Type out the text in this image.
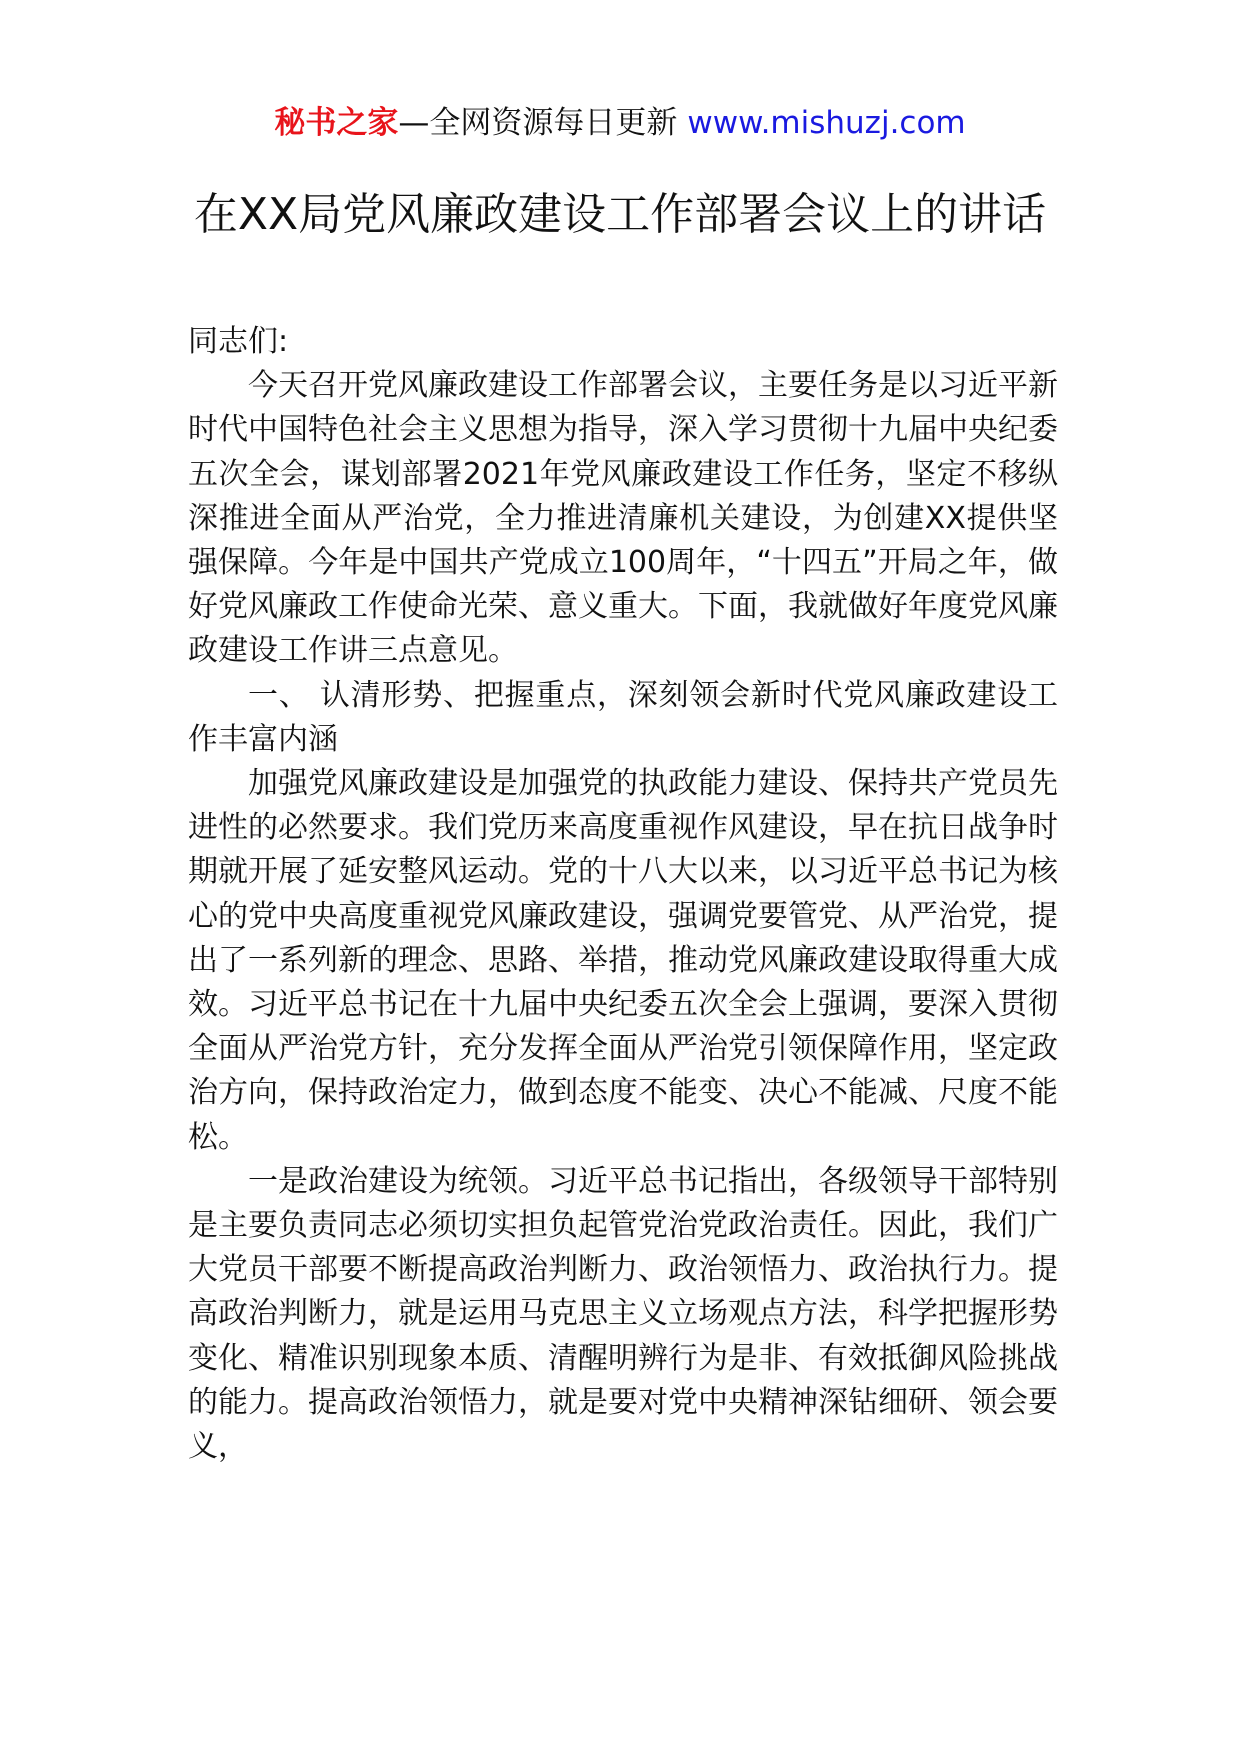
秘书之家—全网资源每日更新 www.mishuzj.com
在XX局党风廉政建设工作部署会议上的讲话

同志们:

今天召开党风廉政建设工作部署会议，主要任务是以习近平新时代中国特色社会主义思想为指导，深入学习贯彻十九届中央纪委五次全会，谋划部署2021年党风廉政建设工作任务，坚定不移纵深推进全面从严治党，全力推进清廉机关建设，为创建XX提供坚强保障。今年是中国共产党成立100周年，“十四五”开局之年，做好党风廉政工作使命光荣、意义重大。下面，我就做好年度党风廉政建设工作讲三点意见。

一、 认清形势、把握重点，深刻领会新时代党风廉政建设工作丰富内涵

加强党风廉政建设是加强党的执政能力建设、保持共产党员先进性的必然要求。我们党历来高度重视作风建设，早在抗日战争时期就开展了延安整风运动。党的十八大以来，以习近平总书记为核心的党中央高度重视党风廉政建设，强调党要管党、从严治党，提出了一系列新的理念、思路、举措，推动党风廉政建设取得重大成效。习近平总书记在十九届中央纪委五次全会上强调，要深入贯彻全面从严治党方针，充分发挥全面从严治党引领保障作用，坚定政治方向，保持政治定力，做到态度不能变、决心不能减、尺度不能松。

一是政治建设为统领。习近平总书记指出，各级领导干部特别是主要负责同志必须切实担负起管党治党政治责任。因此，我们广大党员干部要不断提高政治判断力、政治领悟力、政治执行力。提高政治判断力，就是运用马克思主义立场观点方法，科学把握形势变化、精准识别现象本质、清醒明辨行为是非、有效抵御风险挑战的能力。提高政治领悟力，就是要对党中央精神深钻细研、领会要义，
